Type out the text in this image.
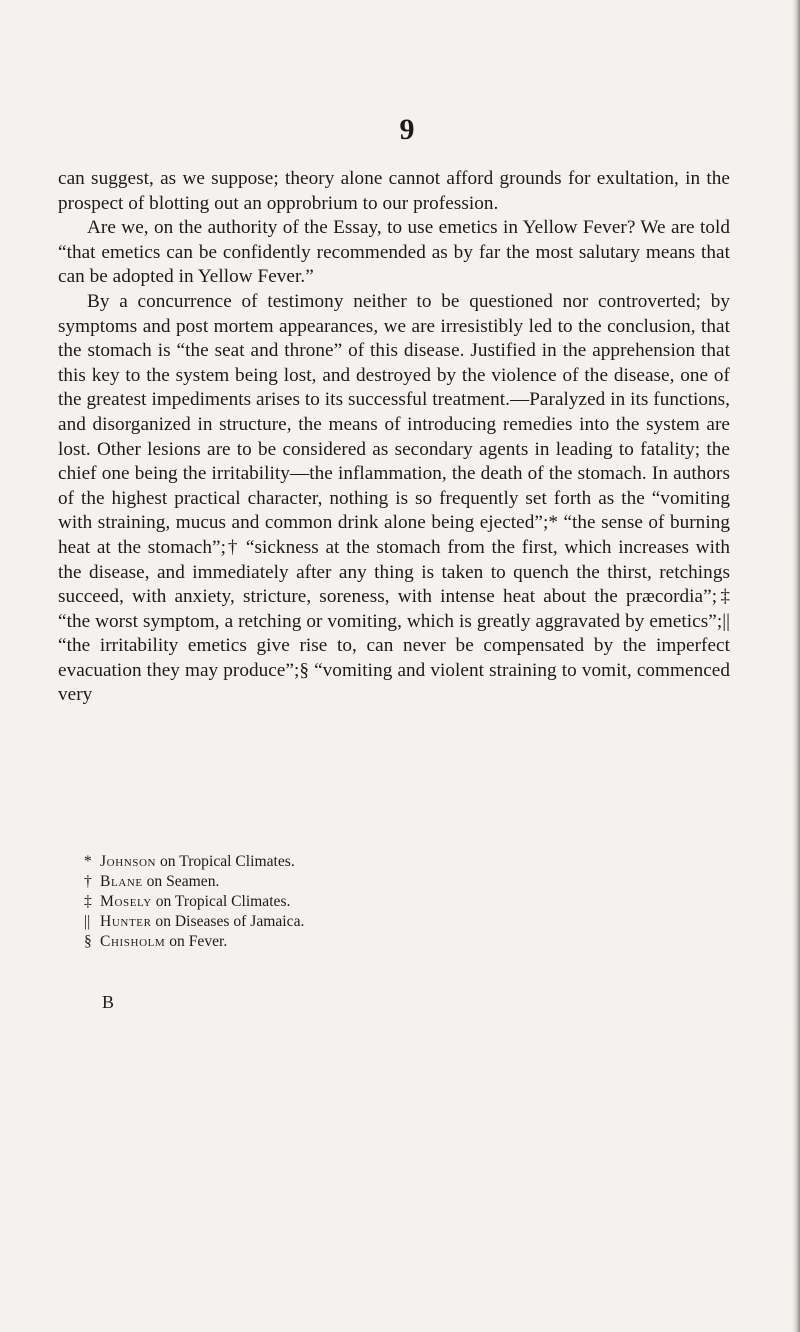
9

can suggest, as we suppose; theory alone cannot afford grounds for exultation, in the prospect of blotting out an opprobrium to our profession.

Are we, on the authority of the Essay, to use emetics in Yellow Fever? We are told “that emetics can be confidently recommended as by far the most salutary means that can be adopted in Yellow Fever.”

By a concurrence of testimony neither to be questioned nor controverted; by symptoms and post mortem appearances, we are irresistibly led to the conclusion, that the stomach is “the seat and throne” of this disease. Justified in the apprehension that this key to the system being lost, and destroyed by the violence of the disease, one of the greatest impediments arises to its successful treatment.—Paralyzed in its functions, and disorganized in structure, the means of introducing remedies into the system are lost. Other lesions are to be considered as secondary agents in leading to fatality; the chief one being the irritability—the inflammation, the death of the stomach. In authors of the highest practical character, nothing is so frequently set forth as the “vomiting with straining, mucus and common drink alone being ejected”;* “the sense of burning heat at the stomach”;† “sickness at the stomach from the first, which increases with the disease, and immediately after any thing is taken to quench the thirst, retchings succeed, with anxiety, stricture, soreness, with intense heat about the præcordia”;‡ “the worst symptom, a retching or vomiting, which is greatly aggravated by emetics”;|| “the irritability emetics give rise to, can never be compensated by the imperfect evacuation they may produce”;§ “vomiting and violent straining to vomit, commenced very

* Johnson on Tropical Climates.
† Blane on Seamen.
‡ Mosely on Tropical Climates.
|| Hunter on Diseases of Jamaica.
§ Chisholm on Fever.
B
